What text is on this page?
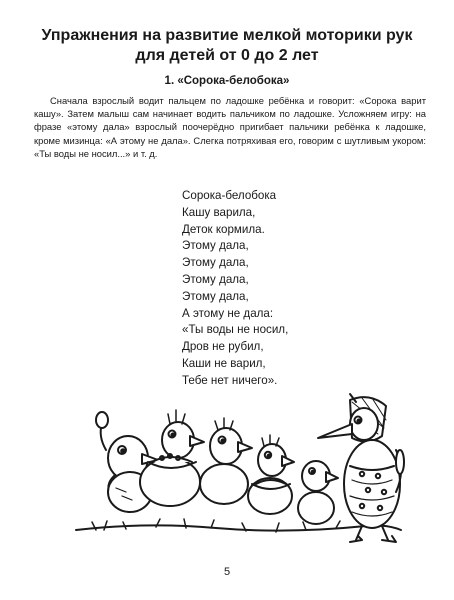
Упражнения на развитие мелкой моторики рук
для детей от 0 до 2 лет
1. «Сорока-белобока»

Сначала взрослый водит пальцем по ладошке ребёнка и говорит: «Сорока варит кашу». Затем малыш сам начинает водить пальчиком по ладошке. Усложняем игру: на фразе «этому дала» взрослый поочерёдно пригибает пальчики ребёнка к ладошке, кроме мизинца: «А этому не дала». Слегка потряхивая его, говорим с шутливым укором: «Ты воды не носил...» и т. д.

Сорока-белобока
Кашу варила,
Деток кормила.
Этому дала,
Этому дала,
Этому дала,
Этому дала,
А этому не дала:
«Ты воды не носил,
Дров не рубил,
Каши не варил,
Тебе нет ничего».
5
